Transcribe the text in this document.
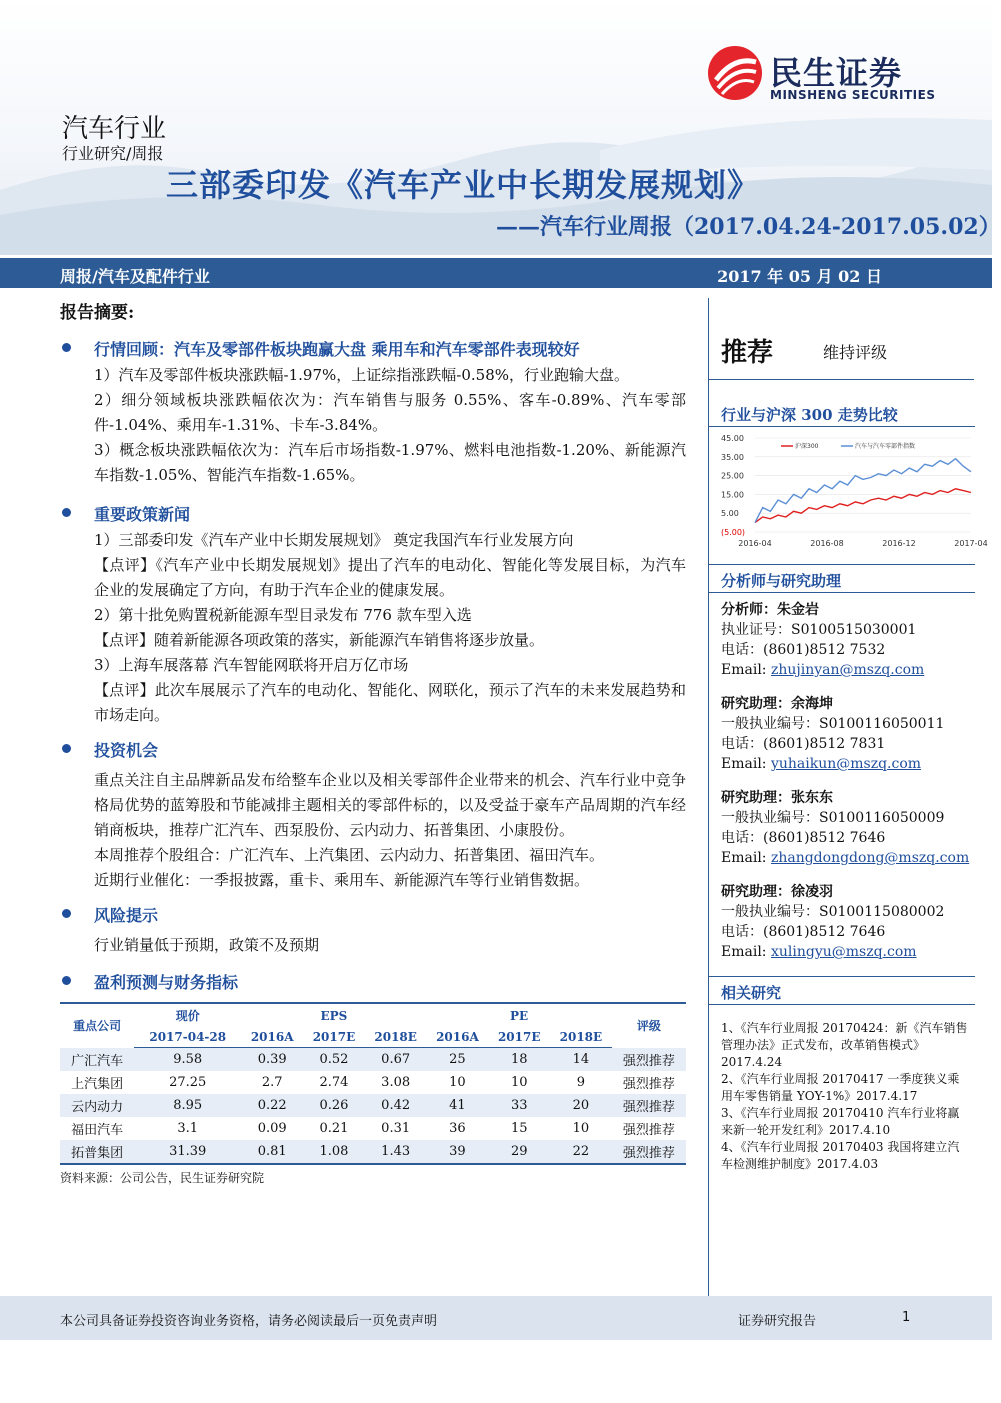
民生证券
MINSHENG SECURITIES
汽车行业
行业研究/周报
三部委印发《汽车产业中长期发展规划》
——汽车行业周报（2017.04.24-2017.05.02）
周报/汽车及配件行业	2017 年 05 月 02 日
报告摘要:
行情回顾：汽车及零部件板块跑赢大盘 乘用车和汽车零部件表现较好
1）汽车及零部件板块涨跌幅-1.97%，上证综指涨跌幅-0.58%，行业跑输大盘。
2）细分领域板块涨跌幅依次为：汽车销售与服务 0.55%、客车-0.89%、汽车零部件-1.04%、乘用车-1.31%、卡车-3.84%。
3）概念板块涨跌幅依次为：汽车后市场指数-1.97%、燃料电池指数-1.20%、新能源汽车指数-1.05%、智能汽车指数-1.65%。
重要政策新闻
1）三部委印发《汽车产业中长期发展规划》 奠定我国汽车行业发展方向
【点评】《汽车产业中长期发展规划》提出了汽车的电动化、智能化等发展目标，为汽车企业的发展确定了方向，有助于汽车企业的健康发展。
2）第十批免购置税新能源车型目录发布 776 款车型入选
【点评】随着新能源各项政策的落实，新能源汽车销售将逐步放量。
3）上海车展落幕 汽车智能网联将开启万亿市场
【点评】此次车展展示了汽车的电动化、智能化、网联化，预示了汽车的未来发展趋势和市场走向。
投资机会
重点关注自主品牌新品发布给整车企业以及相关零部件企业带来的机会、汽车行业中竞争格局优势的蓝筹股和节能减排主题相关的零部件标的，以及受益于豪车产品周期的汽车经销商板块，推荐广汇汽车、西泵股份、云内动力、拓普集团、小康股份。
本周推荐个股组合：广汇汽车、上汽集团、云内动力、拓普集团、福田汽车。
近期行业催化：一季报披露，重卡、乘用车、新能源汽车等行业销售数据。
风险提示
行业销量低于预期，政策不及预期
盈利预测与财务指标
重点公司	现价	EPS			PE			评级
	2017-04-28	2016A	2017E	2018E	2016A	2017E	2018E	
广汇汽车	9.58	0.39	0.52	0.67	25	18	14	强烈推荐
上汽集团	27.25	2.7	2.74	3.08	10	10	9	强烈推荐
云内动力	8.95	0.22	0.26	0.42	41	33	20	强烈推荐
福田汽车	3.1	0.09	0.21	0.31	36	15	10	强烈推荐
拓普集团	31.39	0.81	1.08	1.43	39	29	22	强烈推荐
资料来源：公司公告，民生证券研究院
推荐	维持评级
行业与沪深 300 走势比较
45.00
35.00
25.00
15.00
5.00
(5.00)
2016-04	2016-08	2016-12	2017-04
沪深300	汽车与汽车零部件指数
分析师与研究助理
分析师：朱金岩
执业证号：S0100515030001
电话：(8601)8512 7532
Email: zhujinyan@mszq.com
研究助理：余海坤
一般执业编号：S0100116050011
电话：(8601)8512 7831
Email: yuhaikun@mszq.com
研究助理：张东东
一般执业编号：S0100116050009
电话：(8601)8512 7646
Email: zhangdongdong@mszq.com
研究助理：徐凌羽
一般执业编号：S0100115080002
电话：(8601)8512 7646
Email: xulingyu@mszq.com
相关研究
1、《汽车行业周报 20170424：新《汽车销售管理办法》正式发布，改革销售模式》2017.4.24
2、《汽车行业周报 20170417 一季度狭义乘用车零售销量 YOY-1%》2017.4.17
3、《汽车行业周报 20170410 汽车行业将赢来新一轮开发红利》2017.4.10
4、《汽车行业周报 20170403 我国将建立汽车检测维护制度》2017.4.03
本公司具备证券投资咨询业务资格，请务必阅读最后一页免责声明	证券研究报告	1
